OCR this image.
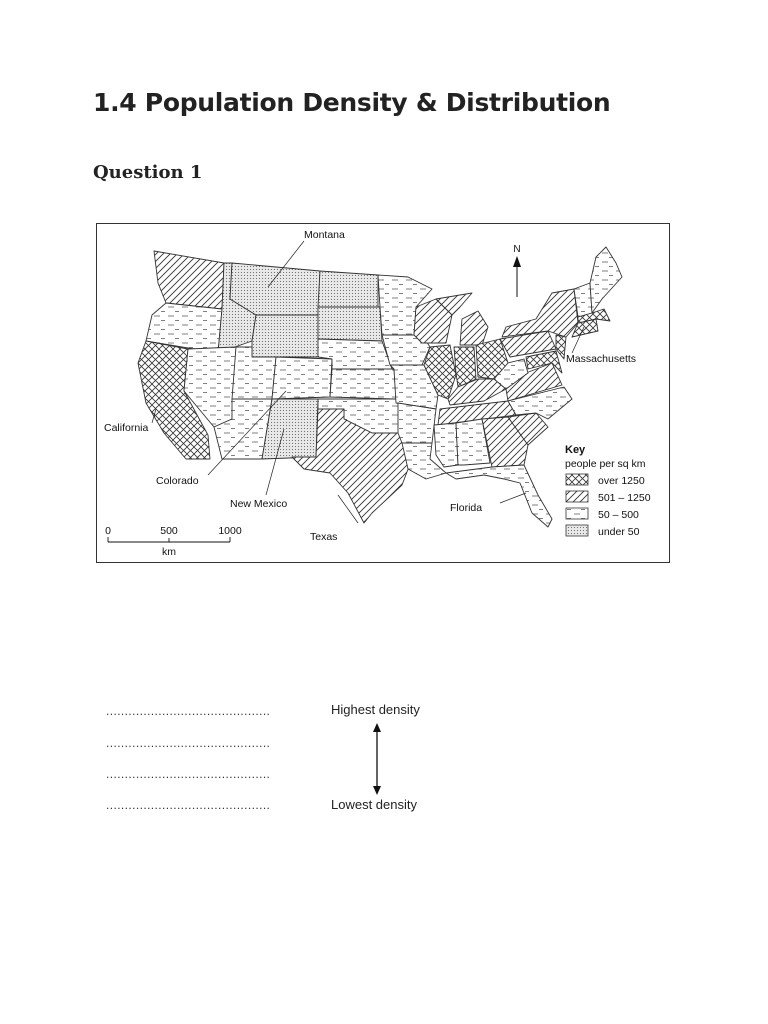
1.4 Population Density & Distribution
Question 1
N
Montana
California
Colorado
New Mexico
Texas
Florida
Massachusetts
0	500	1000
km
Key
people per sq km
over 1250
501 – 1250
50 – 500
under 50
............................................
............................................
............................................
............................................
Highest density
Lowest density
